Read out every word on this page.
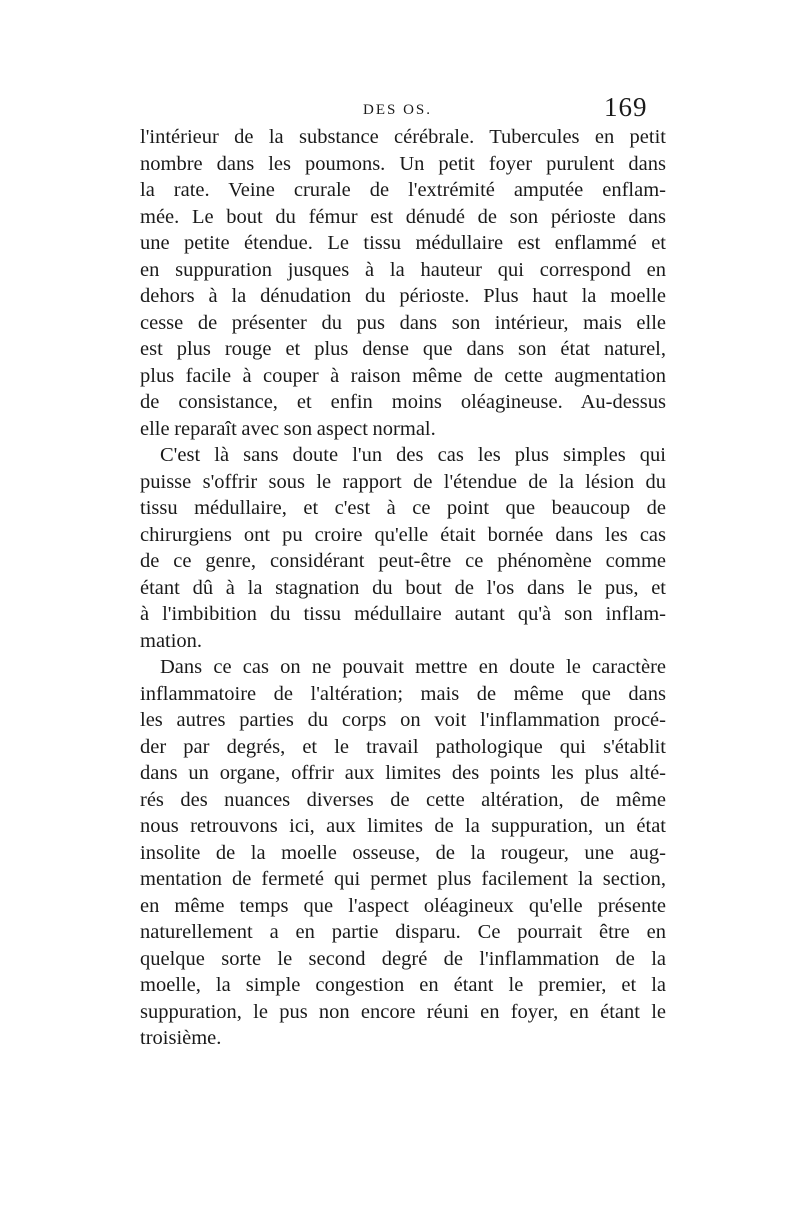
DES OS.	169
l'intérieur de la substance cérébrale. Tubercules en petit
nombre dans les poumons. Un petit foyer purulent dans
la rate. Veine crurale de l'extrémité amputée enflam-
mée. Le bout du fémur est dénudé de son périoste dans
une petite étendue. Le tissu médullaire est enflammé et
en suppuration jusques à la hauteur qui correspond en
dehors à la dénudation du périoste. Plus haut la moelle
cesse de présenter du pus dans son intérieur, mais elle
est plus rouge et plus dense que dans son état naturel,
plus facile à couper à raison même de cette augmentation
de consistance, et enfin moins oléagineuse. Au-dessus
elle reparaît avec son aspect normal.
C'est là sans doute l'un des cas les plus simples qui
puisse s'offrir sous le rapport de l'étendue de la lésion du
tissu médullaire, et c'est à ce point que beaucoup de
chirurgiens ont pu croire qu'elle était bornée dans les cas
de ce genre, considérant peut-être ce phénomène comme
étant dû à la stagnation du bout de l'os dans le pus, et
à l'imbibition du tissu médullaire autant qu'à son inflam-
mation.
Dans ce cas on ne pouvait mettre en doute le caractère
inflammatoire de l'altération; mais de même que dans
les autres parties du corps on voit l'inflammation procé-
der par degrés, et le travail pathologique qui s'établit
dans un organe, offrir aux limites des points les plus alté-
rés des nuances diverses de cette altération, de même
nous retrouvons ici, aux limites de la suppuration, un état
insolite de la moelle osseuse, de la rougeur, une aug-
mentation de fermeté qui permet plus facilement la section,
en même temps que l'aspect oléagineux qu'elle présente
naturellement a en partie disparu. Ce pourrait être en
quelque sorte le second degré de l'inflammation de la
moelle, la simple congestion en étant le premier, et la
suppuration, le pus non encore réuni en foyer, en étant le
troisième.
